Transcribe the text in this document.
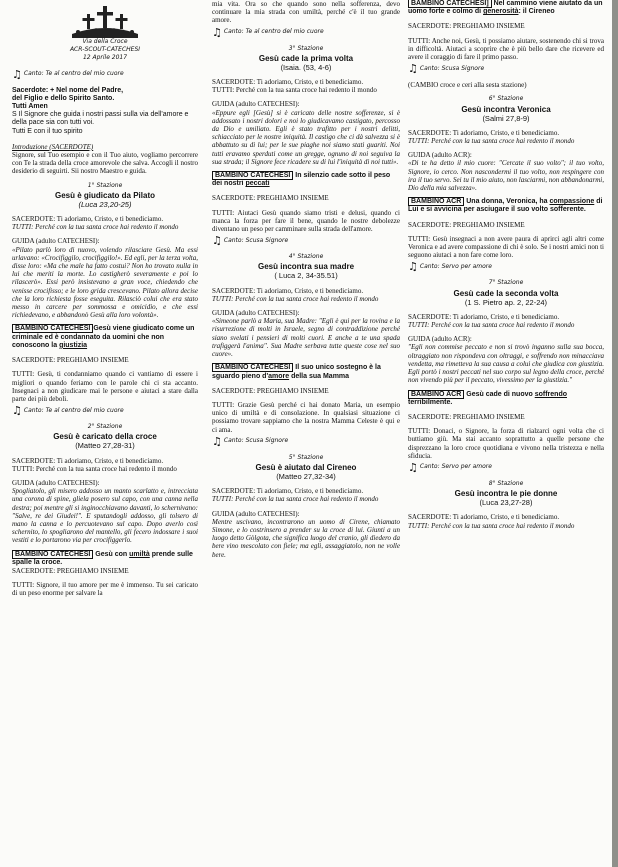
Via della Croce
ACR-SCOUT-CATECHESI
12 Aprile 2017
♫ Canto: Te al centro del mio cuore

Sacerdote: + Nel nome del Padre,

del Figlio e dello Spirito Santo.

Tutti Amen

S Il Signore che guida i nostri passi sulla via dell'amore e della pace sia con tutti voi.

Tutti E con il tuo spirito

Introduzione (SACERDOTE)

Signore, sul Tuo esempio e con il Tuo aiuto, vogliamo percorrere con Te la strada della croce amorevole che salva. Accogli il nostro desiderio di seguirti. Sii nostro Maestro e guida.

1° Stazione
Gesù è giudicato da Pilato
(Luca 23,20-25)

SACERDOTE: Ti adoriamo, Cristo, e ti benediciamo.

TUTTI: Perché con la tua santa croce hai redento il mondo

GUIDA (adulto CATECHESI):

«Pilato parlò loro di nuovo, volendo rilasciare Gesù. Ma essi urlavano: «Crocifiggilo, crocifiggilo!». Ed egli, per la terza volta, disse loro: «Ma che male ha fatto costui? Non ho trovato nulla in lui che meriti la morte. Lo castigherò severamente e poi lo rilascerò». Essi però insistevano a gran voce, chiedendo che venisse crocifisso; e le loro grida crescevano. Pilato allora decise che la loro richiesta fosse eseguita. Rilasciò colui che era stato messo in carcere per sommossa e omicidio, e che essi richiedevano, e abbandonò Gesù alla loro volontà».

BAMBINO CATECHESI Gesù viene giudicato come un criminale ed è condannato da uomini che non conoscono la giustizia

SACERDOTE: PREGHIAMO INSIEME

TUTTI: Gesù, ti condanniamo quando ci vantiamo di essere i migliori o quando feriamo con le parole chi ci sta accanto. Insegnaci a non giudicare mai le persone e aiutaci a stare dalla parte dei più deboli.

♫ Canto: Te al centro del mio cuore
2° Stazione
Gesù è caricato della croce
(Matteo 27,28-31)

SACERDOTE: Ti adoriamo, Cristo, e ti benediciamo.

TUTTI: Perché con la tua santa croce hai redento il mondo

GUIDA (adulto CATECHESI):

Spogliatolo, gli misero addosso un manto scarlatto e, intrecciata una corona di spine, gliela posero sul capo, con una canna nella destra; poi mentre gli si inginocchiavano davanti, lo schernivano: "Salve, re dei Giudei!". E sputandogli addosso, gli tolsero di mano la canna e lo percuotevano sul capo. Dopo averlo così schernito, lo spogliarono del mantello, gli fecero indossare i suoi vestiti e lo portarono via per crocifiggerlo.

BAMBINO CATECHESI Gesù con umiltà prende sulle spalle la croce.

SACERDOTE: PREGHIAMO INSIEME

TUTTI: Signore, il tuo amore per me è immenso. Tu sei caricato di un peso enorme per salvare la

mia vita. Ora so che quando sono nella sofferenza, devo continuare la mia strada con umiltà, perché c'è il tuo grande amore.

♫ Canto: Te al centro del mio cuore
3° Stazione
Gesù cade la prima volta
(Isaia. (53, 4-6)

SACERDOTE: Ti adoriamo, Cristo, e ti benediciamo.

TUTTI: Perché con la tua santa croce hai redento il mondo

GUIDA (adulto CATECHESI):

«Eppure egli [Gesù] si è caricato delle nostre sofferenze, si è addossato i nostri dolori e noi lo giudicavamo castigato, percosso da Dio e umiliato. Egli è stato trafitto per i nostri delitti, schiacciato per le nostre iniquità. Il castigo che ci dà salvezza si è abbattuto su di lui; per le sue piaghe noi siamo stati guariti. Noi tutti eravamo sperduti come un gregge, ognuno di noi seguiva la sua strada; il Signore fece ricadere su di lui l'iniquità di noi tutti».

BAMBINO CATECHESI In silenzio cade sotto il peso dei nostri peccati

SACERDOTE: PREGHIAMO INSIEME

TUTTI: Aiutaci Gesù quando siamo tristi e delusi, quando ci manca la forza per fare il bene, quando le nostre debolezze diventano un peso per camminare sulla strada dell'amore.

♫ Canto: Scusa Signore
4° Stazione
Gesù incontra sua madre
( Luca 2, 34-35.51)

SACERDOTE: Ti adoriamo, Cristo, e ti benediciamo.

TUTTI: Perché con la tua santa croce hai redento il mondo

GUIDA (adulto CATECHESI):

«Simeone parlò a Maria, sua Madre: "Egli è qui per la rovina e la risurrezione di molti in Israele, segno di contraddizione perché siano svelati i pensieri di molti cuori. E anche a te una spada trafiggerà l'anima". Sua Madre serbava tutte queste cose nel suo cuore».

BAMBINO CATECHESI Il suo unico sostegno è la sguardo pieno d'amore della sua Mamma

SACERDOTE: PREGHIAMO INSIEME

TUTTI: Grazie Gesù perché ci hai donato Maria, un esempio unico di umiltà e di consolazione. In qualsiasi situazione ci possiamo trovare sappiamo che la nostra Mamma Celeste è qui e ci ama.

♫ Canto: Scusa Signore
5° Stazione
Gesù è aiutato dal Cireneo
(Matteo 27,32-34)

SACERDOTE: Ti adoriamo, Cristo, e ti benediciamo.

TUTTI: Perché con la tua santa croce hai redento il mondo

GUIDA (adulto CATECHESI):

Mentre uscivano, incontrarono un uomo di Cirene, chiamato Simone, e lo costrinsero a prender su la croce di lui. Giunti a un luogo detto Gòlgota, che significa luogo del cranio, gli diedero da bere vino mescolato con fiele; ma egli, assaggiatolo, non ne volle bere.

BAMBINO CATECHESI] Nel cammino viene aiutato da un uomo forte e colmo di generosità: il Cireneo

SACERDOTE: PREGHIAMO INSIEME

TUTTI: Anche noi, Gesù, ti possiamo aiutare, sostenendo chi si trova in difficoltà. Aiutaci a scoprire che è più bello dare che ricevere ed avere il coraggio di fare il primo passo.

♫ Canto: Scusa Signore

(CAMBIO croce e ceri alla sesta stazione)

6° Stazione
Gesù incontra Veronica
(Salmi 27,8-9)

SACERDOTE: Ti adoriamo, Cristo, e ti benediciamo.

TUTTI: Perché con la tua santa croce hai redento il mondo

GUIDA (adulto ACR):

«Di te ha detto il mio cuore: "Cercate il suo volto"; il tuo volto, Signore, io cerco. Non nascondermi il tuo volto, non respingere con ira il tuo servo. Sei tu il mio aiuto, non lasciarmi, non abbandonarmi, Dio della mia salvezza».

BAMBINO ACR Una donna, Veronica, ha compassione di Lui e si avvicina per asciugare il suo volto sofferente.

SACERDOTE: PREGHIAMO INSIEME

TUTTI: Gesù insegnaci a non avere paura di aprirci agli altri come Veronica e ad avere compassione di chi è solo. Se i nostri amici non ti seguono aiutaci a non fare come loro.

♫ Canto: Servo per amore
7° Stazione
Gesù cade la seconda volta
(1 S. Pietro ap. 2, 22-24)

SACERDOTE: Ti adoriamo, Cristo, e ti benediciamo.

TUTTI: Perché con la tua santa croce hai redento il mondo

GUIDA (adulto ACR):

"Egli non commise peccato e non si trovò inganno sulla sua bocca, oltraggiato non rispondeva con oltraggi, e soffrendo non minacciava vendetta, ma rimetteva la sua causa a colui che giudica con giustizia. Egli portò i nostri peccati nel suo corpo sul legno della croce, perché non vivendo più per il peccato, vivessimo per la giustizia."

BAMBINO ACR Gesù cade di nuovo soffrendo terribilmente.

SACERDOTE: PREGHIAMO INSIEME

TUTTI: Donaci, o Signore, la forza di rialzarci ogni volta che ci buttiamo giù. Ma stai accanto soprattutto a quelle persone che disprezzano la loro croce quotidiana e vivono nella tristezza e nella sfiducia.

♫ Canto: Servo per amore
8° Stazione
Gesù incontra le pie donne
(Luca 23,27-28)

SACERDOTE: Ti adoriamo, Cristo, e ti benediciamo.

TUTTI: Perché con la tua santa croce hai redento il mondo
